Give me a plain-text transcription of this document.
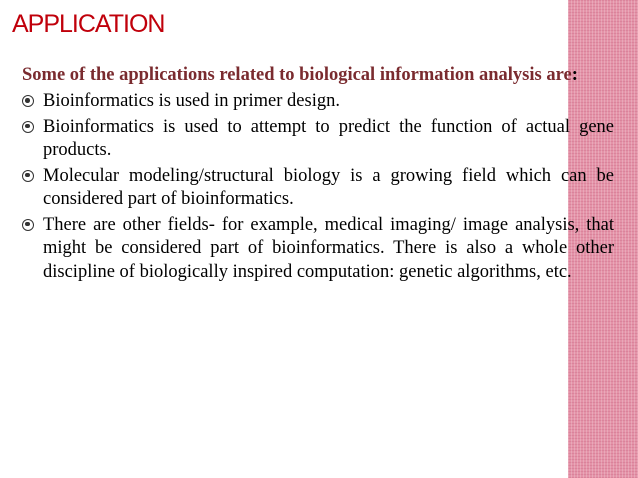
APPLICATION

Some of the applications related to biological information analysis are:

Bioinformatics is used in primer design.
Bioinformatics is used to attempt to predict the function of actual gene products.
Molecular modeling/structural biology is a growing field which can be considered part of bioinformatics.
There are other fields- for example, medical imaging/ image analysis, that might be considered part of bioinformatics. There is also a whole other discipline of biologically inspired computation: genetic algorithms, etc.
